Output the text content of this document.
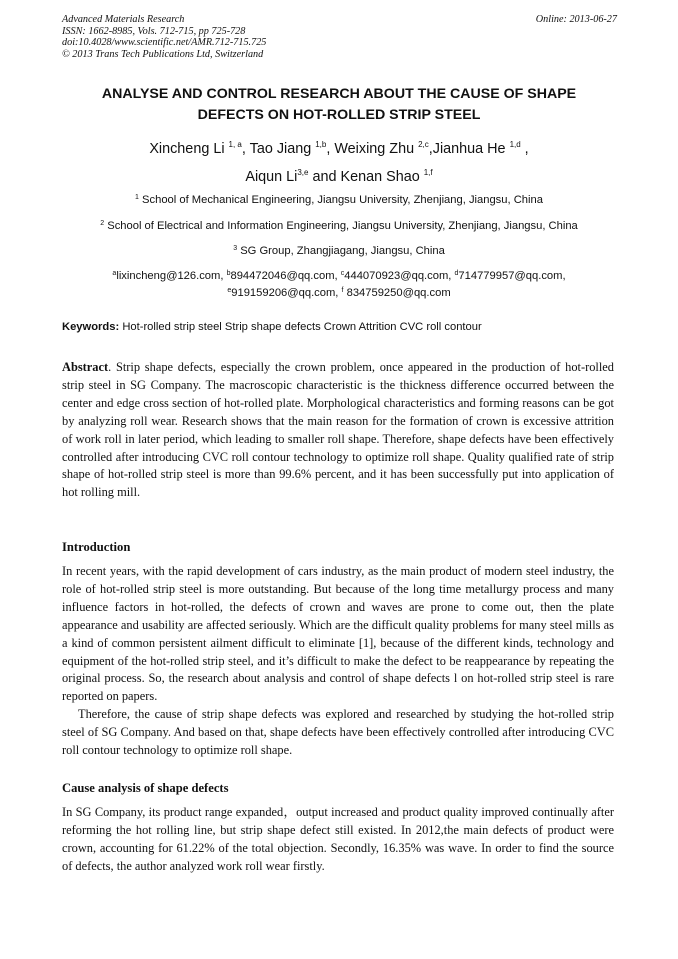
Advanced Materials Research
ISSN: 1662-8985, Vols. 712-715, pp 725-728
doi:10.4028/www.scientific.net/AMR.712-715.725
© 2013 Trans Tech Publications Ltd, Switzerland
Online: 2013-06-27
ANALYSE AND CONTROL RESEARCH ABOUT THE CAUSE OF SHAPE
DEFECTS ON HOT-ROLLED STRIP STEEL
Xincheng Li $^{1, a}$, Tao Jiang $^{1,b}$, Weixing Zhu $^{2,c}$,Jianhua He $^{1,d}$ ,
Aiqun Li$^{3,e}$ and Kenan Shao $^{1,f}$
$^1$ School of Mechanical Engineering, Jiangsu University, Zhenjiang, Jiangsu, China
$^2$ School of Electrical and Information Engineering, Jiangsu University, Zhenjiang, Jiangsu, China
$^3$ SG Group, Zhangjiagang, Jiangsu, China
$^a$lixincheng@126.com, $^b$894472046@qq.com, $^c$444070923@qq.com, $^d$714779957@qq.com,
$^e$919159206@qq.com, $^f$ 834759250@qq.com
Keywords: Hot-rolled strip steel Strip shape defects Crown Attrition CVC roll contour
Abstract. Strip shape defects, especially the crown problem, once appeared in the production of hot-rolled strip steel in SG Company. The macroscopic characteristic is the thickness difference occurred between the center and edge cross section of hot-rolled plate. Morphological characteristics and forming reasons can be got by analyzing roll wear. Research shows that the main reason for the formation of crown is excessive attrition of work roll in later period, which leading to smaller roll shape. Therefore, shape defects have been effectively controlled after introducing CVC roll contour technology to optimize roll shape. Quality qualified rate of strip shape of hot-rolled strip steel is more than 99.6% percent, and it has been successfully put into application of hot rolling mill.
Introduction
In recent years, with the rapid development of cars industry, as the main product of modern steel industry, the role of hot-rolled strip steel is more outstanding. But because of the long time metallurgy process and many influence factors in hot-rolled, the defects of crown and waves are prone to come out, then the plate appearance and usability are affected seriously. Which are the difficult quality problems for many steel mills as a kind of common persistent ailment difficult to eliminate [1], because of the different kinds, technology and equipment of the hot-rolled strip steel, and it’s difficult to make the defect to be reappearance by repeating the original process. So, the research about analysis and control of shape defects l on hot-rolled strip steel is rare reported on papers.
Therefore, the cause of strip shape defects was explored and researched by studying the hot-rolled strip steel of SG Company. And based on that, shape defects have been effectively controlled after introducing CVC roll contour technology to optimize roll shape.
Cause analysis of shape defects
In SG Company, its product range expanded，output increased and product quality improved continually after reforming the hot rolling line, but strip shape defect still existed. In 2012,the main defects of product were crown, accounting for 61.22% of the total objection. Secondly, 16.35% was wave. In order to find the source of defects, the author analyzed work roll wear firstly.
